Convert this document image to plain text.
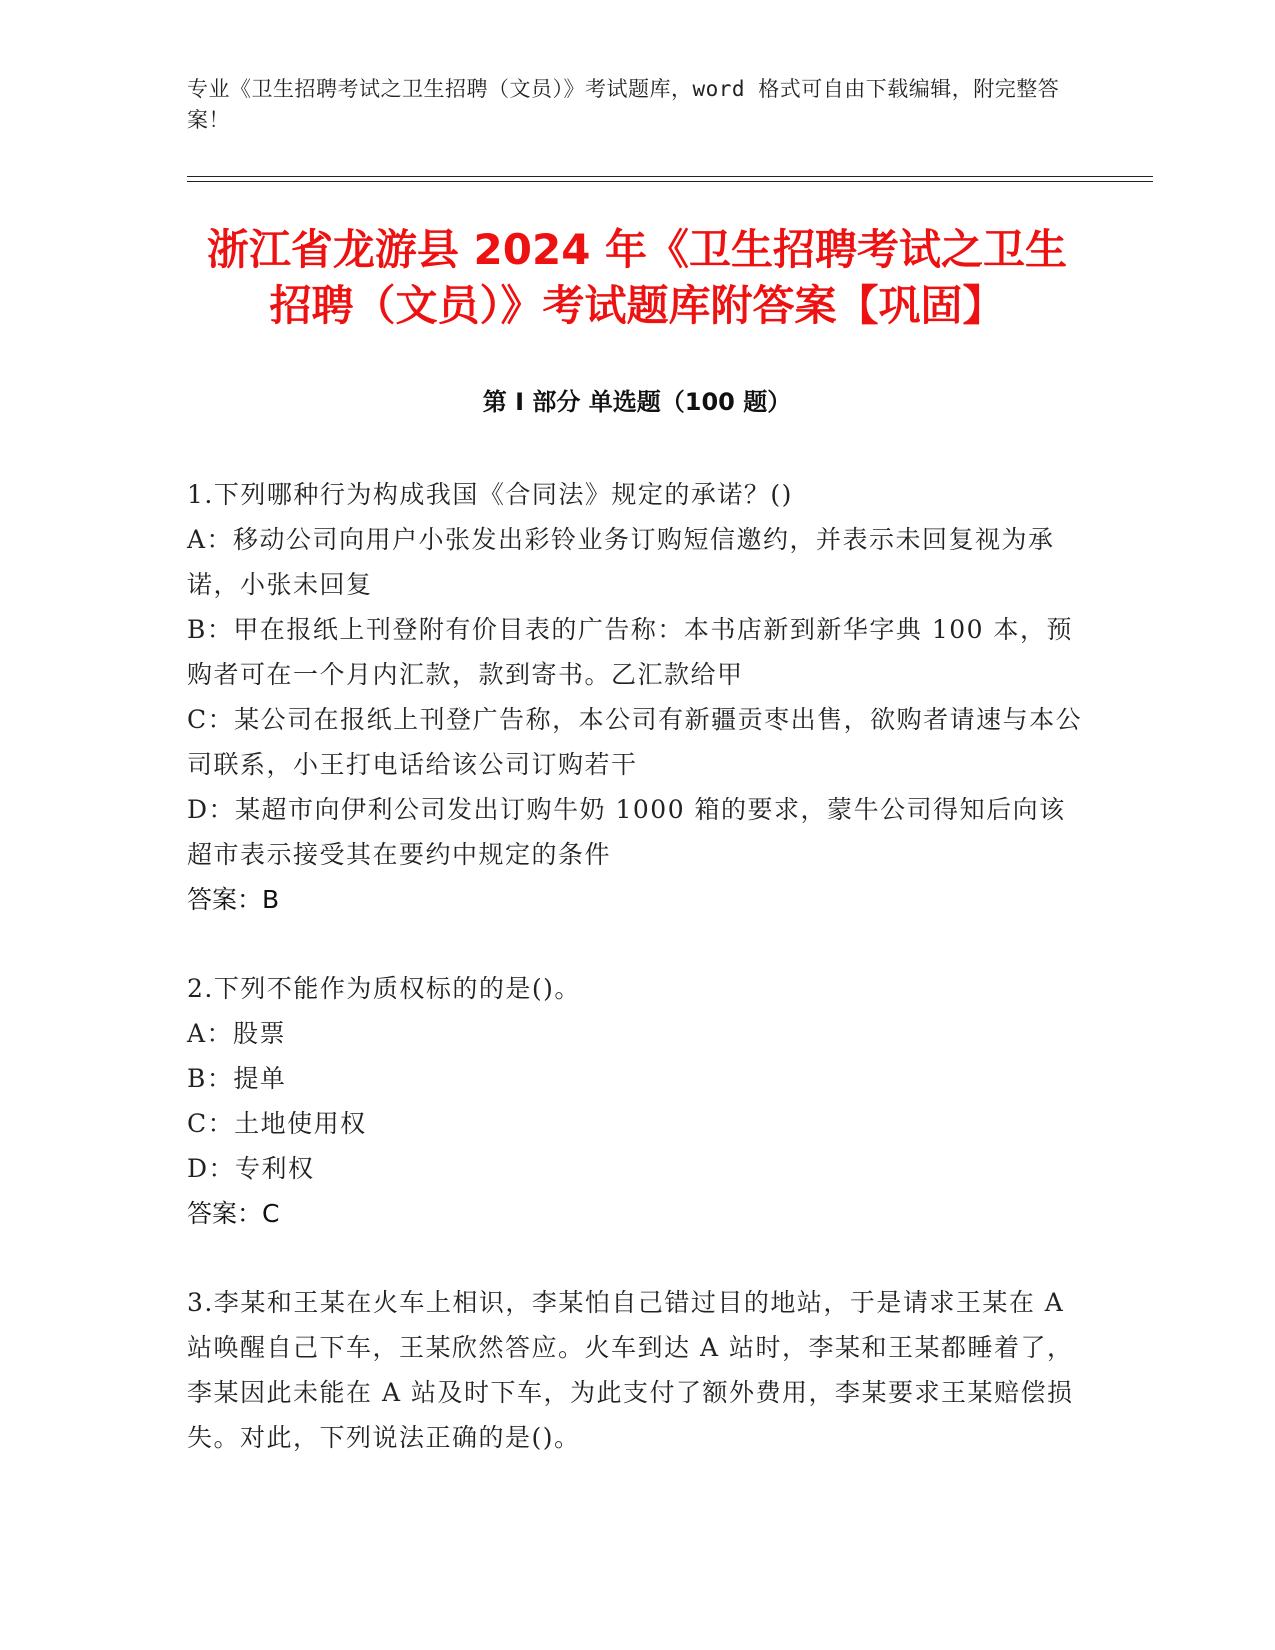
专业《卫生招聘考试之卫生招聘（文员）》考试题库，word 格式可自由下载编辑，附完整答案！
浙江省龙游县 2024 年《卫生招聘考试之卫生招聘（文员）》考试题库附答案【巩固】
第 I 部分 单选题（100 题）

1.下列哪种行为构成我国《合同法》规定的承诺？()

A：移动公司向用户小张发出彩铃业务订购短信邀约，并表示未回复视为承诺，小张未回复

B：甲在报纸上刊登附有价目表的广告称：本书店新到新华字典 100 本，预购者可在一个月内汇款，款到寄书。乙汇款给甲

C：某公司在报纸上刊登广告称，本公司有新疆贡枣出售，欲购者请速与本公司联系，小王打电话给该公司订购若干

D：某超市向伊利公司发出订购牛奶 1000 箱的要求，蒙牛公司得知后向该超市表示接受其在要约中规定的条件

答案：B

2.下列不能作为质权标的的是()。

A：股票

B：提单

C：土地使用权

D：专利权

答案：C

3.李某和王某在火车上相识，李某怕自己错过目的地站，于是请求王某在 A 站唤醒自己下车，王某欣然答应。火车到达 A 站时，李某和王某都睡着了，李某因此未能在 A 站及时下车，为此支付了额外费用，李某要求王某赔偿损失。对此，下列说法正确的是()。
